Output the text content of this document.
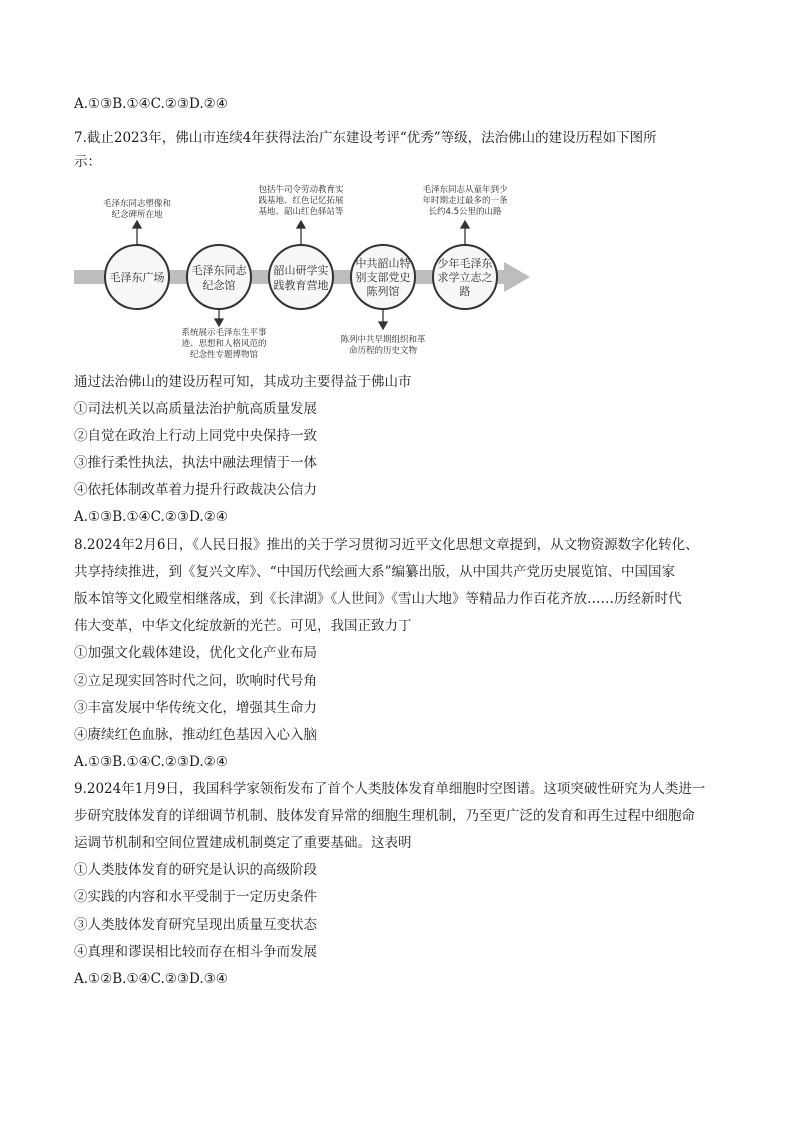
A.①③B.①④C.②③D.②④
7.截止2023年，佛山市连续4年获得法治广东建设考评“优秀”等级，法治佛山的建设历程如下图所
示：
毛泽东广场
毛泽东同志
纪念馆
韶山研学实
践教育营地
中共韶山特
别支部党史
陈列馆
少年毛泽东
求学立志之
路
毛泽东同志塑像和
纪念碑所在地
包括牛司令劳动教育实
践基地、红色记忆拓展
基地、韶山红色驿站等
毛泽东同志从童年到少
年时期走过最多的一条
长约4.5公里的山路
系统展示毛泽东生平事
迹、思想和人格风范的
纪念性专题博物馆
陈列中共早期组织和革
命历程的历史文物
通过法治佛山的建设历程可知，其成功主要得益于佛山市
①司法机关以高质量法治护航高质量发展
②自觉在政治上行动上同党中央保持一致
③推行柔性执法，执法中融法理情于一体
④依托体制改革着力提升行政裁决公信力
A.①③B.①④C.②③D.②④
8.2024年2月6日，《人民日报》推出的关于学习贯彻习近平文化思想文章提到，从文物资源数字化转化、
共享持续推进，到《复兴文库》、“中国历代绘画大系”编纂出版，从中国共产党历史展览馆、中国国家
版本馆等文化殿堂相继落成，到《长津湖》《人世间》《雪山大地》等精品力作百花齐放……历经新时代
伟大变革，中华文化绽放新的光芒。可见，我国正致力丁
①加强文化载体建设，优化文化产业布局
②立足现实回答时代之问，吹响时代号角
③丰富发展中华传统文化，增强其生命力
④赓续红色血脉，推动红色基因入心入脑
A.①③B.①④C.②③D.②④
9.2024年1月9日，我国科学家领衔发布了首个人类肢体发育单细胞时空图谱。这项突破性研究为人类进一
步研究肢体发育的详细调节机制、肢体发育异常的细胞生理机制，乃至更广泛的发育和再生过程中细胞命
运调节机制和空间位置建成机制奠定了重要基础。这表明
①人类肢体发育的研究是认识的高级阶段
②实践的内容和水平受制于一定历史条件
③人类肢体发育研究呈现出质量互变状态
④真理和谬误相比较而存在相斗争而发展
A.①②B.①④C.②③D.③④
